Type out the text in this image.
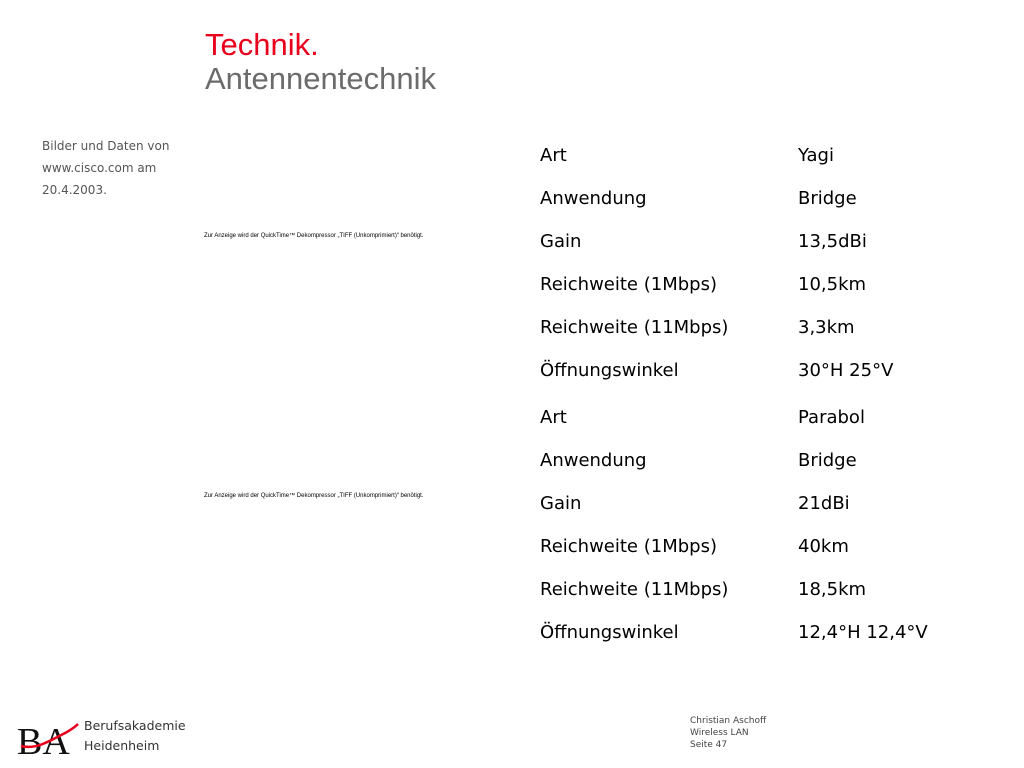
Technik.
Antennentechnik
Bilder und Daten von
www.cisco.com am
20.4.2003.
Zur Anzeige wird der QuickTime™ Dekompressor „TIFF (Unkomprimiert)“ benötigt.
Zur Anzeige wird der QuickTime™ Dekompressor „TIFF (Unkomprimiert)“ benötigt.
Art	Yagi
Anwendung	Bridge
Gain	13,5dBi
Reichweite (1Mbps)	10,5km
Reichweite (11Mbps)	3,3km
Öffnungswinkel	30°H 25°V
Art	Parabol
Anwendung	Bridge
Gain	21dBi
Reichweite (1Mbps)	40km
Reichweite (11Mbps)	18,5km
Öffnungswinkel	12,4°H 12,4°V
BA Berufsakademie
Heidenheim
Christian Aschoff
Wireless LAN
Seite 47
